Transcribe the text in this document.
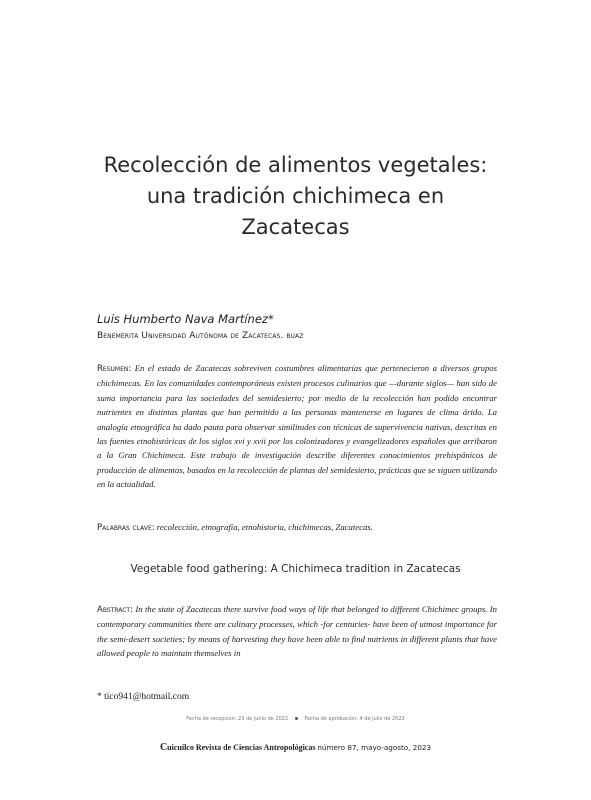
Recolección de alimentos vegetales:
una tradición chichimeca en
Zacatecas
Luis Humberto Nava Martínez*
Benemérita Universidad Autónoma de Zacatecas. buaz
Resumen: En el estado de Zacatecas sobreviven costumbres alimentarias que pertenecieron a diversos grupos chichimecas. En las comunidades contemporáneas existen procesos culinarios que —durante siglos— han sido de suma importancia para las sociedades del semidesierto; por medio de la recolección han podido encontrar nutrientes en distintas plantas que han permitido a las personas mantenerse en lugares de clima árido. La analogía etnográfica ha dado pauta para observar similitudes con técnicas de supervivencia nativas, descritas en las fuentes etnohistóricas de los siglos xvi y xvii por los colonizadores y evangelizadores españoles que arribaron a la Gran Chichimeca. Este trabajo de investigación describe diferentes conocimientos prehispánicos de producción de alimentos, basados en la recolección de plantas del semidesierto, prácticas que se siguen utilizando en la actualidad.
Palabras clave: recolección, etnografía, etnohistoria, chichimecas, Zacatecas.
Vegetable food gathering: A Chichimeca tradition in Zacatecas
Abstract: In the state of Zacatecas there survive food ways of life that belonged to different Chichimec groups. In contemporary communities there are culinary processes, which -for centuries- have been of utmost importance for the semi-desert societies; by means of harvesting they have been able to find nutrients in different plants that have allowed people to maintain themselves in
* tico941@hotmail.com
Fecha de recepción: 23 de junio de 2022	Fecha de aprobación: 4 de julio de 2022
Cuicuilco Revista de Ciencias Antropológicas número 87, mayo-agosto, 2023
